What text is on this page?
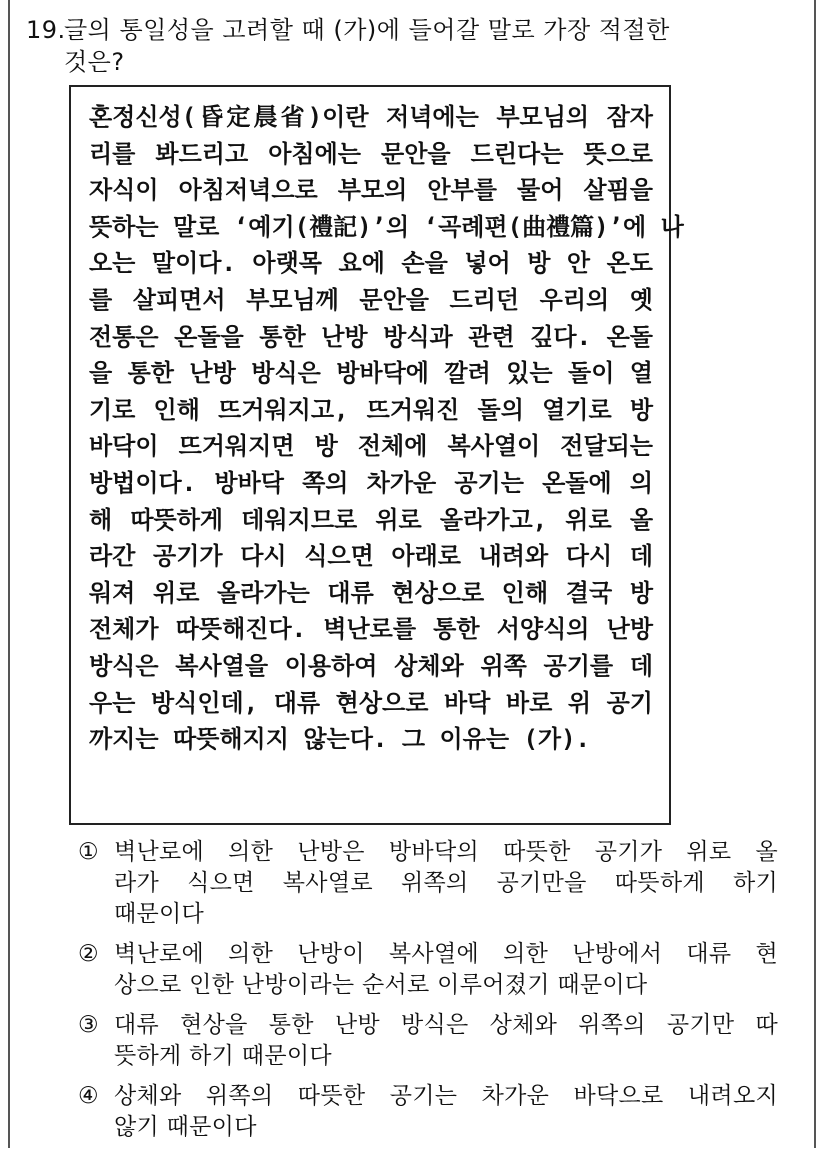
19.
글의 통일성을 고려할 때 (가)에 들어갈 말로 가장 적절한
것은?
혼정신성(昏定晨省)이란 저녁에는 부모님의 잠자
리를 봐드리고 아침에는 문안을 드린다는 뜻으로
자식이 아침저녁으로 부모의 안부를 물어 살핌을
뜻하는 말로 ‘예기(禮記)’의 ‘곡례편(曲禮篇)’에 나
오는 말이다. 아랫목 요에 손을 넣어 방 안 온도
를 살피면서 부모님께 문안을 드리던 우리의 옛
전통은 온돌을 통한 난방 방식과 관련 깊다. 온돌
을 통한 난방 방식은 방바닥에 깔려 있는 돌이 열
기로 인해 뜨거워지고, 뜨거워진 돌의 열기로 방
바닥이 뜨거워지면 방 전체에 복사열이 전달되는
방법이다. 방바닥 쪽의 차가운 공기는 온돌에 의
해 따뜻하게 데워지므로 위로 올라가고, 위로 올
라간 공기가 다시 식으면 아래로 내려와 다시 데
워져 위로 올라가는 대류 현상으로 인해 결국 방
전체가 따뜻해진다. 벽난로를 통한 서양식의 난방
방식은 복사열을 이용하여 상체와 위쪽 공기를 데
우는 방식인데, 대류 현상으로 바닥 바로 위 공기
까지는 따뜻해지지 않는다. 그 이유는 (가).
① 벽난로에 의한 난방은 방바닥의 따뜻한 공기가 위로 올
라가 식으면 복사열로 위쪽의 공기만을 따뜻하게 하기
때문이다
② 벽난로에 의한 난방이 복사열에 의한 난방에서 대류 현
상으로 인한 난방이라는 순서로 이루어졌기 때문이다
③ 대류 현상을 통한 난방 방식은 상체와 위쪽의 공기만 따
뜻하게 하기 때문이다
④ 상체와 위쪽의 따뜻한 공기는 차가운 바닥으로 내려오지
않기 때문이다
